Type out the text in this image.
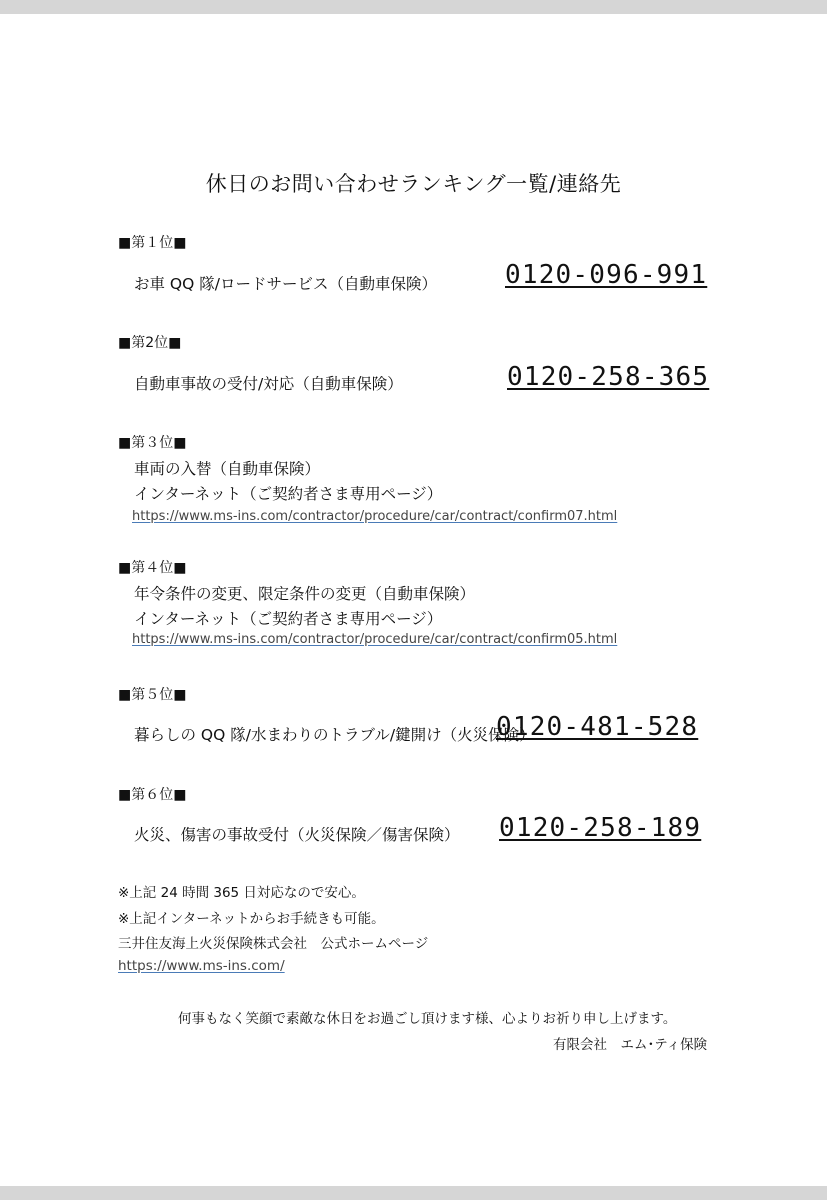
休日のお問い合わせランキング一覧/連絡先
■第１位■
お車 QQ 隊/ロードサービス（自動車保険）	0120-096-991
■第2位■
自動車事故の受付/対応（自動車保険）	0120-258-365
■第３位■
車両の入替（自動車保険）
インターネット（ご契約者さま専用ページ）
https://www.ms-ins.com/contractor/procedure/car/contract/confirm07.html
■第４位■
年令条件の変更、限定条件の変更（自動車保険）
インターネット（ご契約者さま専用ページ）
https://www.ms-ins.com/contractor/procedure/car/contract/confirm05.html
■第５位■
暮らしの QQ 隊/水まわりのトラブル/鍵開け（火災保険）
0120-481-528
■第６位■
火災、傷害の事故受付（火災保険／傷害保険） 0120-258-189
※上記 24 時間 365 日対応なので安心。
※上記インターネットからお手続きも可能。
三井住友海上火災保険株式会社　公式ホームページ
https://www.ms-ins.com/
何事もなく笑顔で素敵な休日をお過ごし頂けます様、心よりお祈り申し上げます。
有限会社　エム･ティ保険
